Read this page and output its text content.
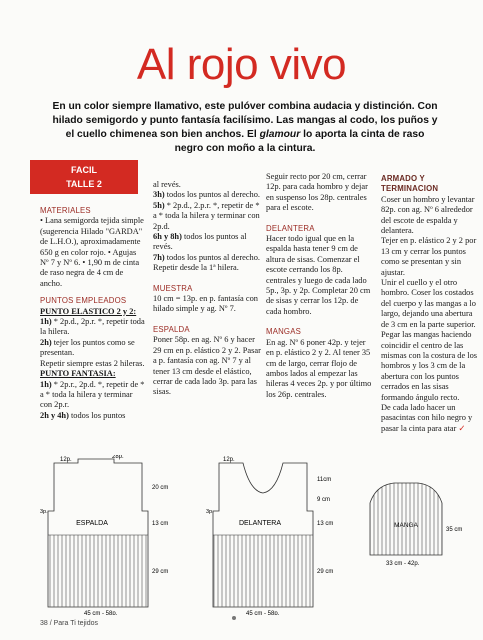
Al rojo vivo
En un color siempre llamativo, este pulóver combina audacia y distinción. Con hilado semigordo y punto fantasía facilísimo. Las mangas al codo, los puños y el cuello chimenea son bien anchos. El glamour lo aporta la cinta de raso negro con moño a la cintura.
FACIL
TALLE 2
MATERIALES

• Lana semigorda tejida simple (sugerencia Hilado "GARDA" de L.H.O.), aproximadamente 650 g en color rojo. • Agujas Nº 7 y Nº 6. • 1,90 m de cinta de raso negra de 4 cm de ancho.

PUNTOS EMPLEADOS
PUNTO ELASTICO 2 y 2:

1h) * 2p.d., 2p.r. *, repetir toda la hilera.

2h) tejer los puntos como se presentan.

Repetir siempre estas 2 hileras.

PUNTO FANTASIA:

1h) * 2p.r., 2p.d. *, repetir de * a * toda la hilera y terminar con 2p.r.

2h y 4h) todos los puntos

al revés.

3h) todos los puntos al derecho.

5h) * 2p.d., 2.p.r. *, repetir de * a * toda la hilera y terminar con 2p.d.

6h y 8h) todos los puntos al revés.

7h) todos los puntos al derecho.

Repetir desde la 1ª hilera.

MUESTRA

10 cm = 13p. en p. fantasía con hilado simple y ag. Nº 7.

ESPALDA

Poner 58p. en ag. Nº 6 y hacer 29 cm en p. elástico 2 y 2. Pasar a p. fantasía con ag. Nº 7 y al tener 13 cm desde el elástico, cerrar de cada lado 3p. para las sisas.

Seguir recto por 20 cm, cerrar 12p. para cada hombro y dejar en suspenso los 28p. centrales para el escote.

DELANTERA

Hacer todo igual que en la espalda hasta tener 9 cm de altura de sisas. Comenzar el escote cerrando los 8p. centrales y luego de cada lado 5p., 3p. y 2p. Completar 20 cm de sisas y cerrar los 12p. de cada hombro.

MANGAS

En ag. Nº 6 poner 42p. y tejer en p. elástico 2 y 2. Al tener 35 cm de largo, cerrar flojo de ambos lados al empezar las hileras 4 veces 2p. y por último los 26p. centrales.

ARMADO Y TERMINACION

Coser un hombro y levantar 82p. con ag. Nº 6 alrededor del escote de espalda y delantera.

Tejer en p. elástico 2 y 2 por 13 cm y cerrar los puntos como se presentan y sin ajustar.

Unir el cuello y el otro hombro. Coser los costados del cuerpo y las mangas a lo largo, dejando una abertura de 3 cm en la parte superior.

Pegar las mangas haciendo coincidir el centro de las mismas con la costura de los hombros y los 3 cm de la abertura con los puntos cerrados en las sisas formando ángulo recto.

De cada lado hacer un pasacintas con hilo negro y pasar la cinta para atar ✓

ESPALDA
28p.
12p.
3p.
20 cm
13 cm
29 cm
45 cm - 58p.
DELANTERA
12p.
3p.
11cm
9 cm
13 cm
29 cm
45 cm - 58p.
MANGA
35 cm
33 cm - 42p.
38 / Para Ti tejidos
